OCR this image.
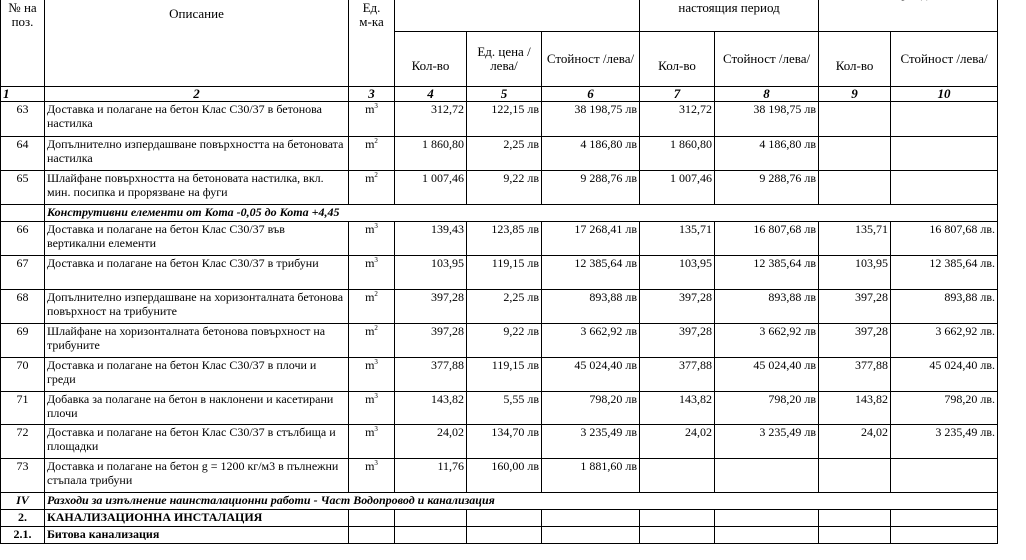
№ на поз.	Описание	Ед. м-ка				настоящия период	
			Кол-во	Ед. цена /лева/	Стойност /лева/	Кол-во	Стойност /лева/	Кол-во	Стойност /лева/
1	2	3	4	5	6	7	8	9	10
63	Доставка и полагане на бетон Клас С30/37 в бетонова настилка	$m^3$	312,72	122,15 лв	38 198,75 лв	312,72	38 198,75 лв		
64	Допълнително изпердашване повърхността на бетоновата настилка	$m^2$	1 860,80	2,25 лв	4 186,80 лв	1 860,80	4 186,80 лв		
65	Шлайфане повърхността на бетоновата настилка, вкл. мин. посипка и прорязване на фуги	$m^2$	1 007,46	9,22 лв	9 288,76 лв	1 007,46	9 288,76 лв		
	Конструтивни елементи от Кота -0,05 до Кота +4,45								
66	Доставка и полагане на бетон Клас С30/37 във вертикални елементи	$m^3$	139,43	123,85 лв	17 268,41 лв	135,71	16 807,68 лв	135,71	16 807,68 лв.
67	Доставка и полагане на бетон Клас С30/37 в трибуни	$m^3$	103,95	119,15 лв	12 385,64 лв	103,95	12 385,64 лв	103,95	12 385,64 лв.
68	Допълнително изпердашване на хоризонталната бетонова повърхност на трибуните	$m^2$	397,28	2,25 лв	893,88 лв	397,28	893,88 лв	397,28	893,88 лв.
69	Шлайфане на хоризонталната бетонова повърхност на трибуните	$m^2$	397,28	9,22 лв	3 662,92 лв	397,28	3 662,92 лв	397,28	3 662,92 лв.
70	Доставка и полагане на бетон Клас С30/37 в плочи и греди	$m^3$	377,88	119,15 лв	45 024,40 лв	377,88	45 024,40 лв	377,88	45 024,40 лв.
71	Добавка за полагане на бетон в наклонени и касетирани плочи	$m^3$	143,82	5,55 лв	798,20 лв	143,82	798,20 лв	143,82	798,20 лв.
72	Доставка и полагане на бетон Клас С30/37 в стълбища и площадки	$m^3$	24,02	134,70 лв	3 235,49 лв	24,02	3 235,49 лв	24,02	3 235,49 лв.
73	Доставка и полагане на бетон g = 1200 кг/м3 в пълнежни стъпала трибуни	$m^3$	11,76	160,00 лв	1 881,60 лв				
IV	Разходи за изпълнение наинсталационни работи - Част Водопровод и канализация								
2.	КАНАЛИЗАЦИОННА ИНСТАЛАЦИЯ								
2.1.	Битова канализация								
